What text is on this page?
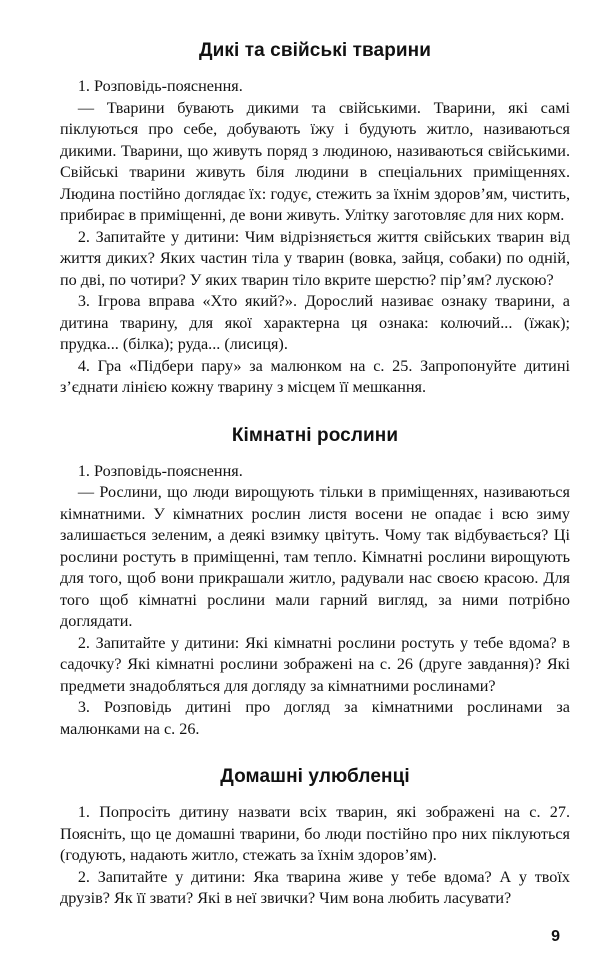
Дикі та свійські тварини

1. Розповідь-пояснення.

— Тварини бувають дикими та свійськими. Тварини, які самі піклуються про себе, добувають їжу і будують житло, називаються дикими. Тварини, що живуть поряд з людиною, називаються свійськими. Свійські тварини живуть біля людини в спеціальних приміщеннях. Людина постійно доглядає їх: годує, стежить за їхнім здоров’ям, чистить, прибирає в приміщенні, де вони живуть. Улітку заготовляє для них корм.

2. Запитайте у дитини: Чим відрізняється життя свійських тварин від життя диких? Яких частин тіла у тварин (вовка, зайця, собаки) по одній, по дві, по чотири? У яких тварин тіло вкрите шерстю? пір’ям? лускою?

3. Ігрова вправа «Хто який?». Дорослий називає ознаку тварини, а дитина тварину, для якої характерна ця ознака: колючий... (їжак); прудка... (білка); руда... (лисиця).

4. Гра «Підбери пару» за малюнком на с. 25. Запропонуйте дитині з’єднати лінією кожну тварину з місцем її мешкання.

Кімнатні рослини

1. Розповідь-пояснення.

— Рослини, що люди вирощують тільки в приміщеннях, називаються кімнатними. У кімнатних рослин листя восени не опадає і всю зиму залишається зеленим, а деякі взимку цвітуть. Чому так відбувається? Ці рослини ростуть в приміщенні, там тепло. Кімнатні рослини вирощують для того, щоб вони прикрашали житло, радували нас своєю красою. Для того щоб кімнатні рослини мали гарний вигляд, за ними потрібно доглядати.

2. Запитайте у дитини: Які кімнатні рослини ростуть у тебе вдома? в садочку? Які кімнатні рослини зображені на с. 26 (друге завдання)? Які предмети знадобляться для догляду за кімнатними рослинами?

3. Розповідь дитині про догляд за кімнатними рослинами за малюнками на с. 26.

Домашні улюбленці

1. Попросіть дитину назвати всіх тварин, які зображені на с. 27. Поясніть, що це домашні тварини, бо люди постійно про них піклуються (годують, надають житло, стежать за їхнім здоров’ям).

2. Запитайте у дитини: Яка тварина живе у тебе вдома? А у твоїх друзів? Як її звати? Які в неї звички? Чим вона любить ласувати?

9
